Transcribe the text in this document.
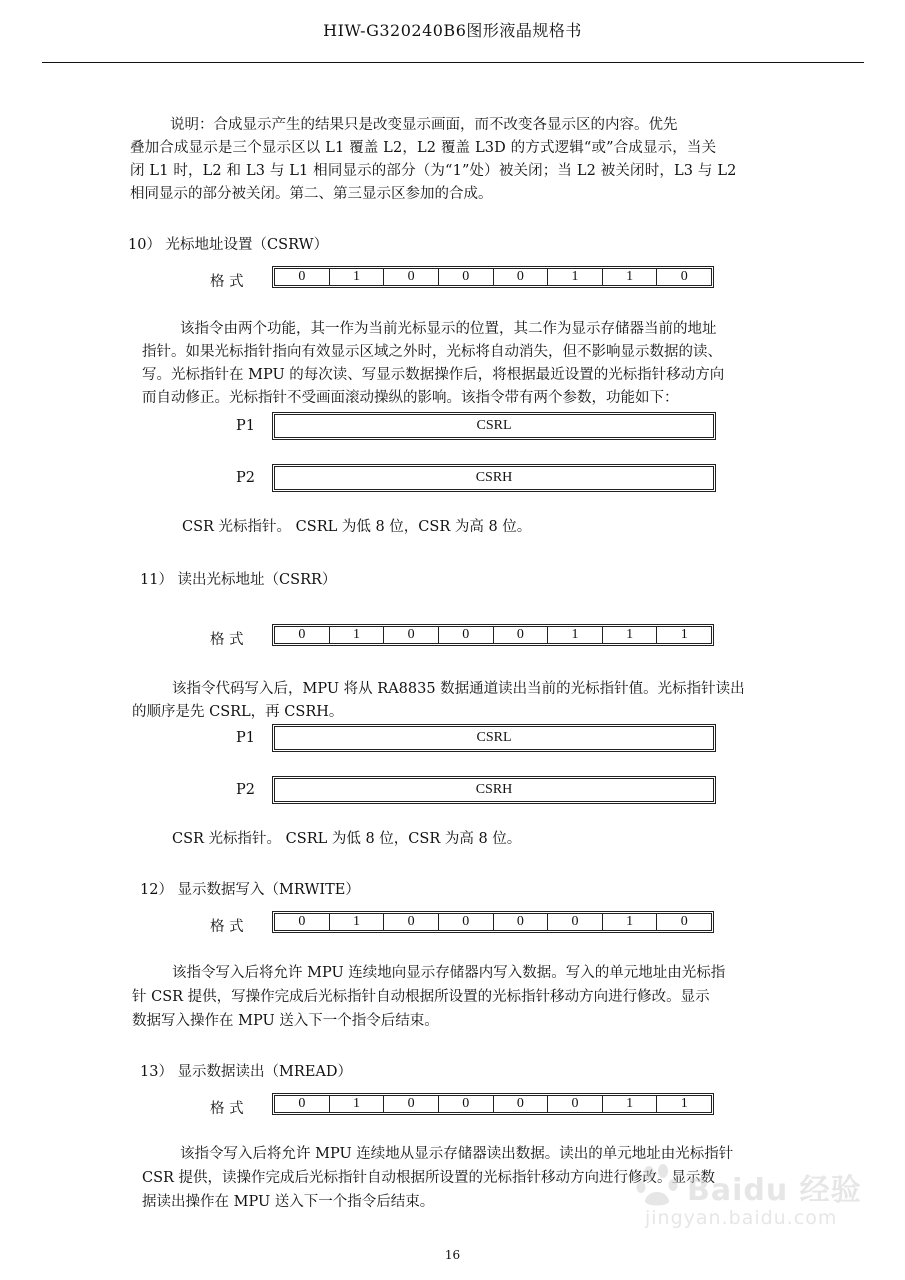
HIW-G320240B6图形液晶规格书
说明：合成显示产生的结果只是改变显示画面，而不改变各显示区的内容。优先
叠加合成显示是三个显示区以 L1 覆盖 L2，L2 覆盖 L3D 的方式逻辑“或”合成显示，当关
闭 L1 时，L2 和 L3 与 L1 相同显示的部分（为“1”处）被关闭；当 L2 被关闭时，L3 与 L2
相同显示的部分被关闭。第二、第三显示区参加的合成。
10） 光标地址设置（CSRW）
格 式	0	1	0	0	0	1	1	0
该指令由两个功能，其一作为当前光标显示的位置，其二作为显示存储器当前的地址
指针。如果光标指针指向有效显示区域之外时，光标将自动消失，但不影响显示数据的读、
写。光标指针在 MPU 的每次读、写显示数据操作后，将根据最近设置的光标指针移动方向
而自动修正。光标指针不受画面滚动操纵的影响。该指令带有两个参数，功能如下：
P1	CSRL
P2	CSRH
CSR 光标指针。 CSRL 为低 8 位，CSR 为高 8 位。
11） 读出光标地址（CSRR）
格 式	0	1	0	0	0	1	1	1
该指令代码写入后，MPU 将从 RA8835 数据通道读出当前的光标指针值。光标指针读出
的顺序是先 CSRL，再 CSRH。
P1	CSRL
P2	CSRH
CSR 光标指针。 CSRL 为低 8 位，CSR 为高 8 位。
12） 显示数据写入（MRWITE）
格 式	0	1	0	0	0	0	1	0
该指令写入后将允许 MPU 连续地向显示存储器内写入数据。写入的单元地址由光标指
针 CSR 提供，写操作完成后光标指针自动根据所设置的光标指针移动方向进行修改。显示
数据写入操作在 MPU 送入下一个指令后结束。
13） 显示数据读出（MREAD）
格 式	0	1	0	0	0	0	1	1
该指令写入后将允许 MPU 连续地从显示存储器读出数据。读出的单元地址由光标指针
CSR 提供，读操作完成后光标指针自动根据所设置的光标指针移动方向进行修改。显示数
据读出操作在 MPU 送入下一个指令后结束。	Baidu 经验
jingyan.baidu.com
16
